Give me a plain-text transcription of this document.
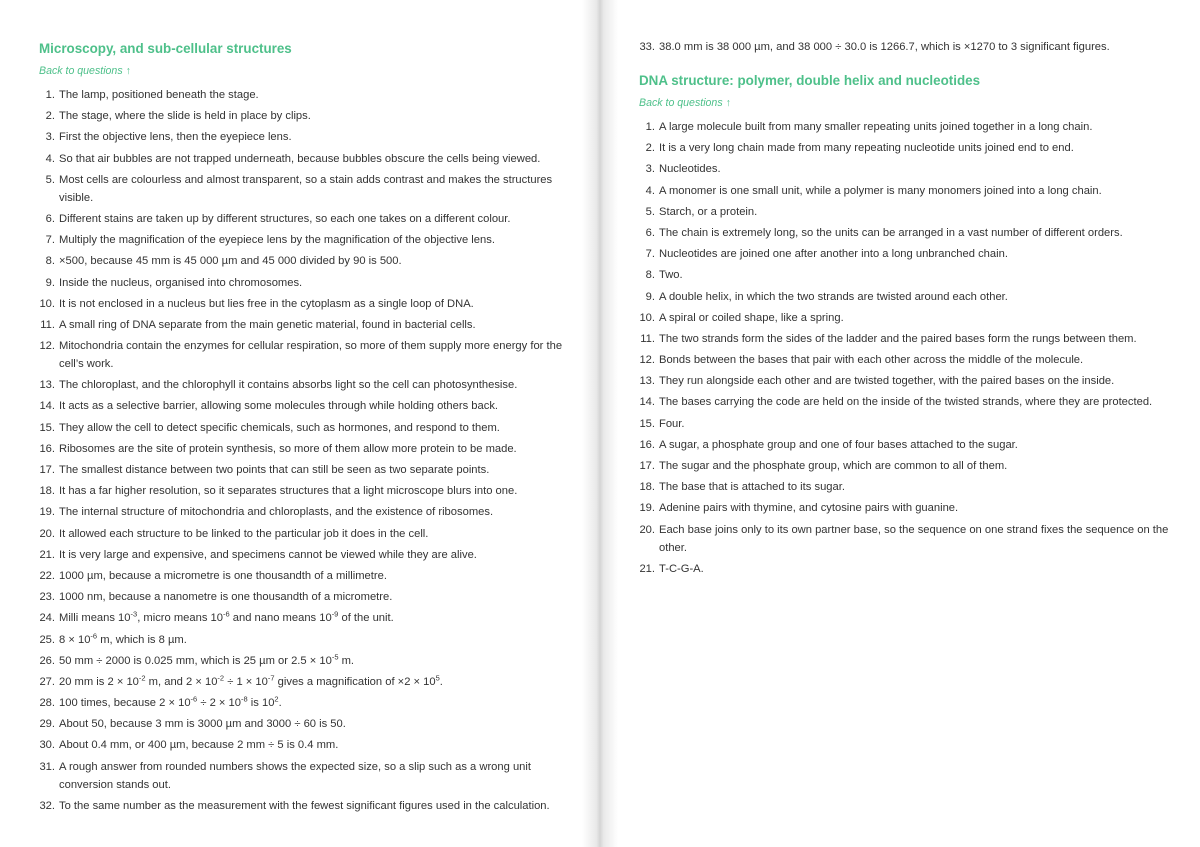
Microscopy, and sub-cellular structures
Back to questions ↑
1 . The lamp, positioned beneath the stage.
2 . The stage, where the slide is held in place by clips.
3 . First the objective lens, then the eyepiece lens.
4 . So that air bubbles are not trapped underneath, because bubbles obscure the cells being viewed.
5 . Most cells are colourless and almost transparent, so a stain adds contrast and makes the structures visible.
6 . Different stains are taken up by different structures, so each one takes on a different colour.
7 . Multiply the magnification of the eyepiece lens by the magnification of the objective lens.
8 . ×500, because 45 mm is 45 000 µm and 45 000 divided by 90 is 500.
9 . Inside the nucleus, organised into chromosomes.
10 . It is not enclosed in a nucleus but lies free in the cytoplasm as a single loop of DNA.
11 . A small ring of DNA separate from the main genetic material, found in bacterial cells.
12 . Mitochondria contain the enzymes for cellular respiration, so more of them supply more energy for the cell’s work.
13 . The chloroplast, and the chlorophyll it contains absorbs light so the cell can photosynthesise.
14 . It acts as a selective barrier, allowing some molecules through while holding others back.
15 . They allow the cell to detect specific chemicals, such as hormones, and respond to them.
16 . Ribosomes are the site of protein synthesis, so more of them allow more protein to be made.
17 . The smallest distance between two points that can still be seen as two separate points.
18 . It has a far higher resolution, so it separates structures that a light microscope blurs into one.
19 . The internal structure of mitochondria and chloroplasts, and the existence of ribosomes.
20 . It allowed each structure to be linked to the particular job it does in the cell.
21 . It is very large and expensive, and specimens cannot be viewed while they are alive.
22 . 1000 µm, because a micrometre is one thousandth of a millimetre.
23 . 1000 nm, because a nanometre is one thousandth of a micrometre.
24 . Milli means $10^{-3}$, micro means $10^{-6}$ and nano means $10^{-9}$ of the unit.
25 . $8 \times 10^{-6}$ m, which is 8 µm.
26 . 50 mm ÷ 2000 is 0.025 mm, which is 25 µm or $2.5 \times 10^{-5}$ m.
27 . 20 mm is $2 \times 10^{-2}$ m, and $2 \times 10^{-2} \div 1 \times 10^{-7}$ gives a magnification of $\times 2 \times 10^5$.
28 . 100 times, because $2 \times 10^{-6} \div 2 \times 10^{-8}$ is $10^2$.
29 . About 50, because 3 mm is 3000 µm and 3000 ÷ 60 is 50.
30 . About 0.4 mm, or 400 µm, because 2 mm ÷ 5 is 0.4 mm.
31 . A rough answer from rounded numbers shows the expected size, so a slip such as a wrong unit conversion stands out.
32 . To the same number as the measurement with the fewest significant figures used in the calculation.
33 . 38.0 mm is 38 000 µm, and 38 000 ÷ 30.0 is 1266.7, which is ×1270 to 3 significant figures.
DNA structure: polymer, double helix and nucleotides
Back to questions ↑
1 . A large molecule built from many smaller repeating units joined together in a long chain.
2 . It is a very long chain made from many repeating nucleotide units joined end to end.
3 . Nucleotides.
4 . A monomer is one small unit, while a polymer is many monomers joined into a long chain.
5 . Starch, or a protein.
6 . The chain is extremely long, so the units can be arranged in a vast number of different orders.
7 . Nucleotides are joined one after another into a long unbranched chain.
8 . Two.
9 . A double helix, in which the two strands are twisted around each other.
10 . A spiral or coiled shape, like a spring.
11 . The two strands form the sides of the ladder and the paired bases form the rungs between them.
12 . Bonds between the bases that pair with each other across the middle of the molecule.
13 . They run alongside each other and are twisted together, with the paired bases on the inside.
14 . The bases carrying the code are held on the inside of the twisted strands, where they are protected.
15 . Four.
16 . A sugar, a phosphate group and one of four bases attached to the sugar.
17 . The sugar and the phosphate group, which are common to all of them.
18 . The base that is attached to its sugar.
19 . Adenine pairs with thymine, and cytosine pairs with guanine.
20 . Each base joins only to its own partner base, so the sequence on one strand fixes the sequence on the other.
21 . T-C-G-A.
